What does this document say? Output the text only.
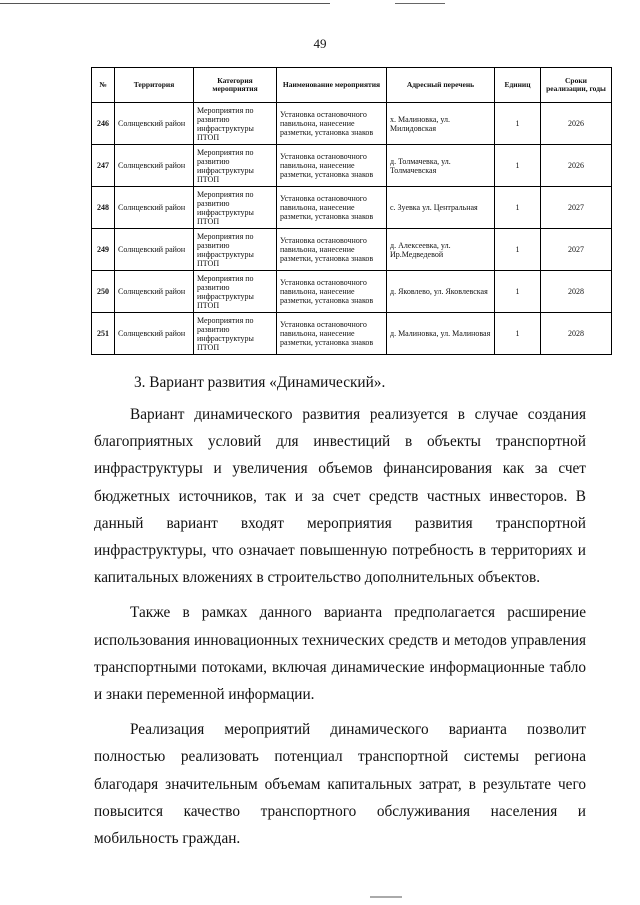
49
№	Территория	Категория мероприятия	Наименование мероприятия	Адресный перечень	Единиц	Сроки реализации, годы
246	Солнцевский район	Мероприятия по развитию инфраструктуры ПТОП	Установка остановочного павильона, нанесение разметки, установка знаков	х. Малиновка, ул. Милидовская	1	2026
247	Солнцевский район	Мероприятия по развитию инфраструктуры ПТОП	Установка остановочного павильона, нанесение разметки, установка знаков	д. Толмачевка, ул. Толмачевская	1	2026
248	Солнцевский район	Мероприятия по развитию инфраструктуры ПТОП	Установка остановочного павильона, нанесение разметки, установка знаков	с. Зуевка ул. Центральная	1	2027
249	Солнцевский район	Мероприятия по развитию инфраструктуры ПТОП	Установка остановочного павильона, нанесение разметки, установка знаков	д. Алексеевка, ул. Ир.Медведевой	1	2027
250	Солнцевский район	Мероприятия по развитию инфраструктуры ПТОП	Установка остановочного павильона, нанесение разметки, установка знаков	д. Яковлево, ул. Яковлевская	1	2028
251	Солнцевский район	Мероприятия по развитию инфраструктуры ПТОП	Установка остановочного павильона, нанесение разметки, установка знаков	д. Малиновка, ул. Малиновая	1	2028
3. Вариант развития «Динамический».

Вариант динамического развития реализуется в случае создания благоприятных условий для инвестиций в объекты транспортной инфраструктуры и увеличения объемов финансирования как за счет бюджетных источников, так и за счет средств частных инвесторов. В данный вариант входят мероприятия развития транспортной инфраструктуры, что означает повышенную потребность в территориях и капитальных вложениях в строительство дополнительных объектов.

Также в рамках данного варианта предполагается расширение использования инновационных технических средств и методов управления транспортными потоками, включая динамические информационные табло и знаки переменной информации.

Реализация мероприятий динамического варианта позволит полностью реализовать потенциал транспортной системы региона благодаря значительным объемам капитальных затрат, в результате чего повысится качество транспортного обслуживания населения и мобильность граждан.
